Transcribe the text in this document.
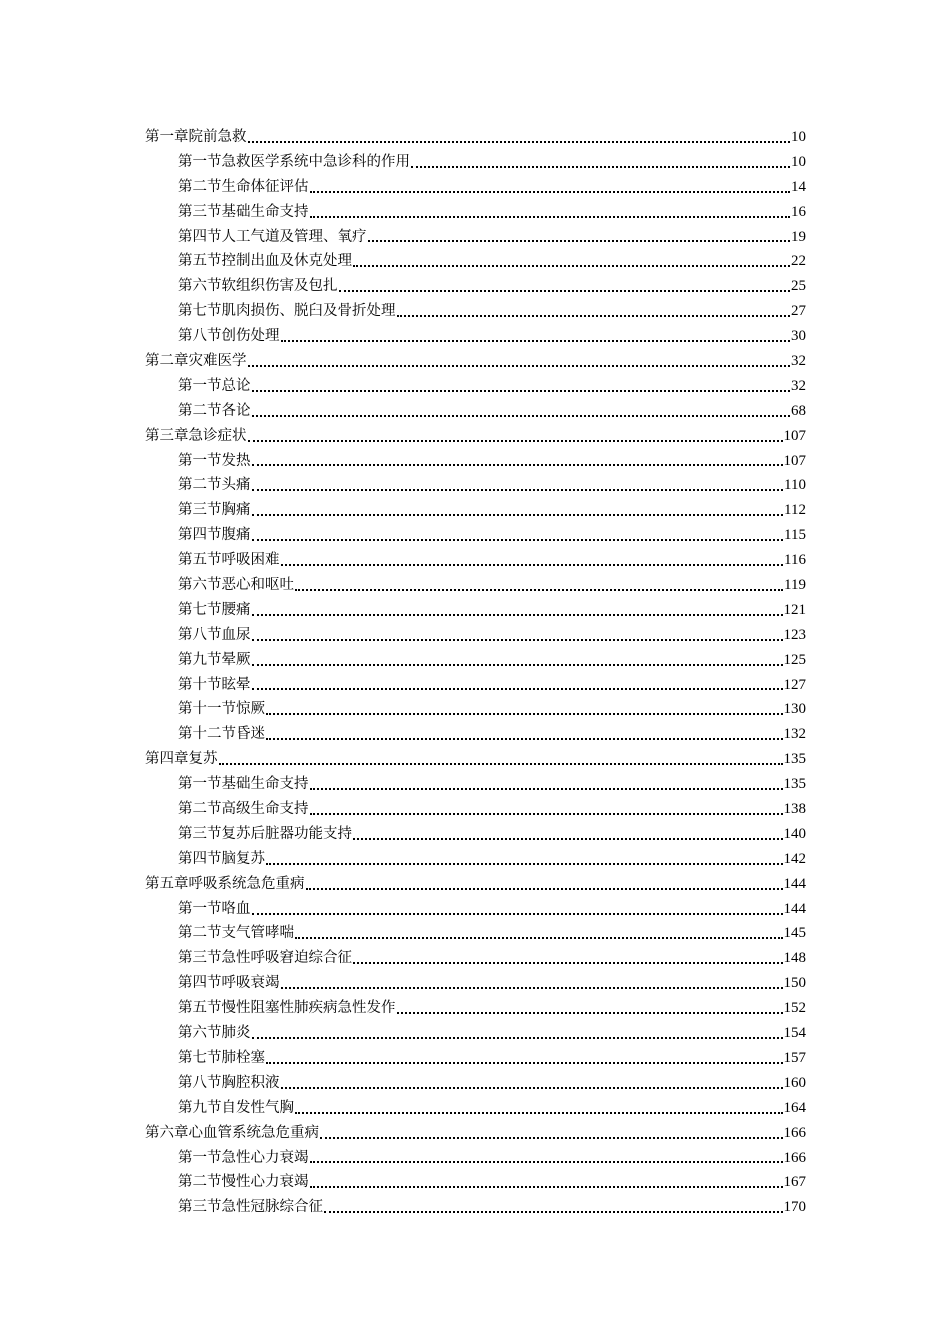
第一章院前急救	10
第一节急救医学系统中急诊科的作用	10
第二节生命体征评估	14
第三节基础生命支持	16
第四节人工气道及管理、氧疗	19
第五节控制出血及休克处理	22
第六节软组织伤害及包扎	25
第七节肌肉损伤、脱臼及骨折处理	27
第八节创伤处理	30
第二章灾难医学	32
第一节总论	32
第二节各论	68
第三章急诊症状	107
第一节发热	107
第二节头痛	110
第三节胸痛	112
第四节腹痛	115
第五节呼吸困难	116
第六节恶心和呕吐	119
第七节腰痛	121
第八节血尿	123
第九节晕厥	125
第十节眩晕	127
第十一节惊厥	130
第十二节昏迷	132
第四章复苏	135
第一节基础生命支持	135
第二节高级生命支持	138
第三节复苏后脏器功能支持	140
第四节脑复苏	142
第五章呼吸系统急危重病	144
第一节咯血	144
第二节支气管哮喘	145
第三节急性呼吸窘迫综合征	148
第四节呼吸衰竭	150
第五节慢性阻塞性肺疾病急性发作	152
第六节肺炎	154
第七节肺栓塞	157
第八节胸腔积液	160
第九节自发性气胸	164
第六章心血管系统急危重病	166
第一节急性心力衰竭	166
第二节慢性心力衰竭	167
第三节急性冠脉综合征	170
